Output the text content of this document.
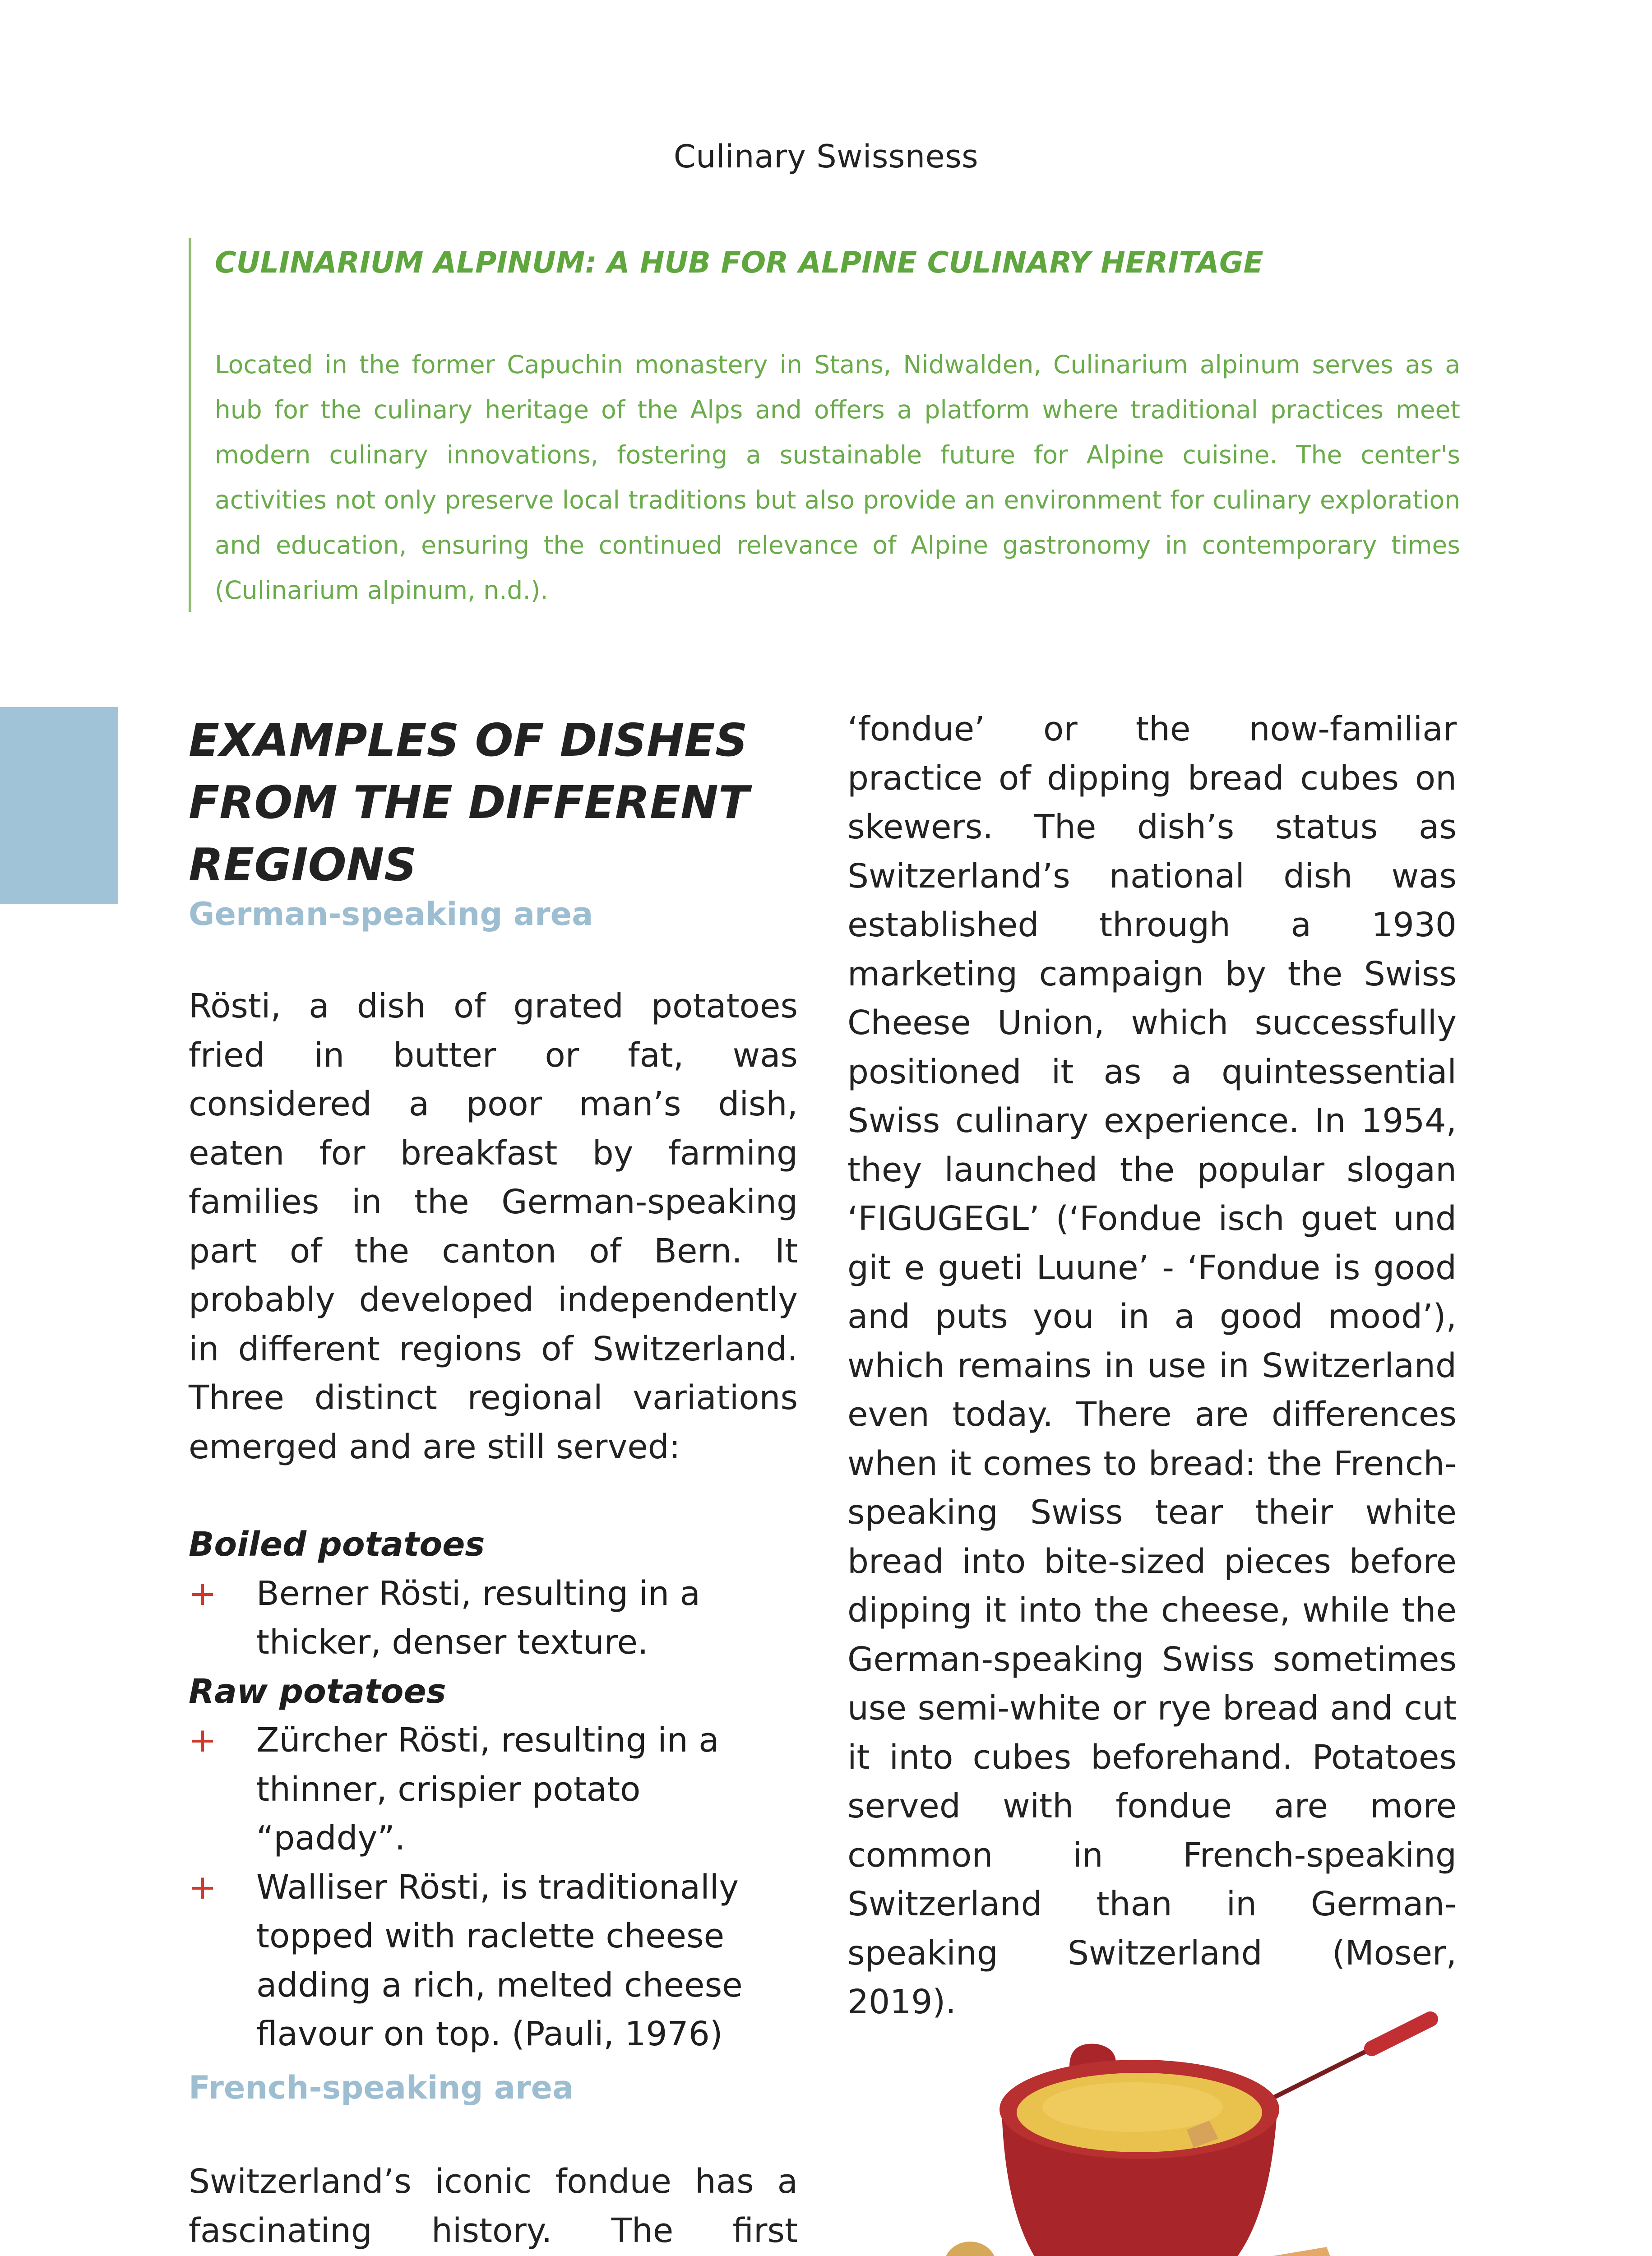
Culinary Swissness
CULINARIUM ALPINUM: A HUB FOR ALPINE CULINARY HERITAGE
Located in the former Capuchin monastery in Stans, Nidwalden, Culinarium alpinum serves as a hub for the culinary heritage of the Alps and offers a platform where traditional practices meet modern culinary innovations, fostering a sustainable future for Alpine cuisine. The center's activities not only preserve local traditions but also provide an environment for culinary exploration and education, ensuring the continued relevance of Alpine gastronomy in contemporary times (Culinarium alpinum, n.d.).
EXAMPLES OF DISHES
FROM THE DIFFERENT
REGIONS
German-speaking area

Rösti, a dish of grated potatoes fried in butter or fat, was considered a poor man’s dish, eaten for breakfast by farming families in the German-speaking part of the canton of Bern. It probably developed independently in different regions of Switzerland. Three distinct regional variations emerged and are still served:

Boiled potatoes
+ Berner Rösti, resulting in a thicker, denser texture.
Raw potatoes
+ Zürcher Rösti, resulting in a thinner, crispier potato “paddy”.
+ Walliser Rösti, is traditionally topped with raclette cheese adding a rich, melted cheese flavour on top. (Pauli, 1976)
French-speaking area

Switzerland’s iconic fondue has a fascinating history. The first

‘fondue’ or the now-familiar practice of dipping bread cubes on skewers. The dish’s status as Switzerland’s national dish was established through a 1930 marketing campaign by the Swiss Cheese Union, which successfully positioned it as a quintessential Swiss culinary experience. In 1954, they launched the popular slogan ‘FIGUGEGL’ (‘Fondue isch guet und git e gueti Luune’ - ‘Fondue is good and puts you in a good mood’), which remains in use in Switzerland even today. There are differences when it comes to bread: the French-speaking Swiss tear their white bread into bite-sized pieces before dipping it into the cheese, while the German-speaking Swiss sometimes use semi-white or rye bread and cut it into cubes beforehand. Potatoes served with fondue are more common in French-speaking Switzerland than in German-speaking Switzerland (Moser, 2019).
